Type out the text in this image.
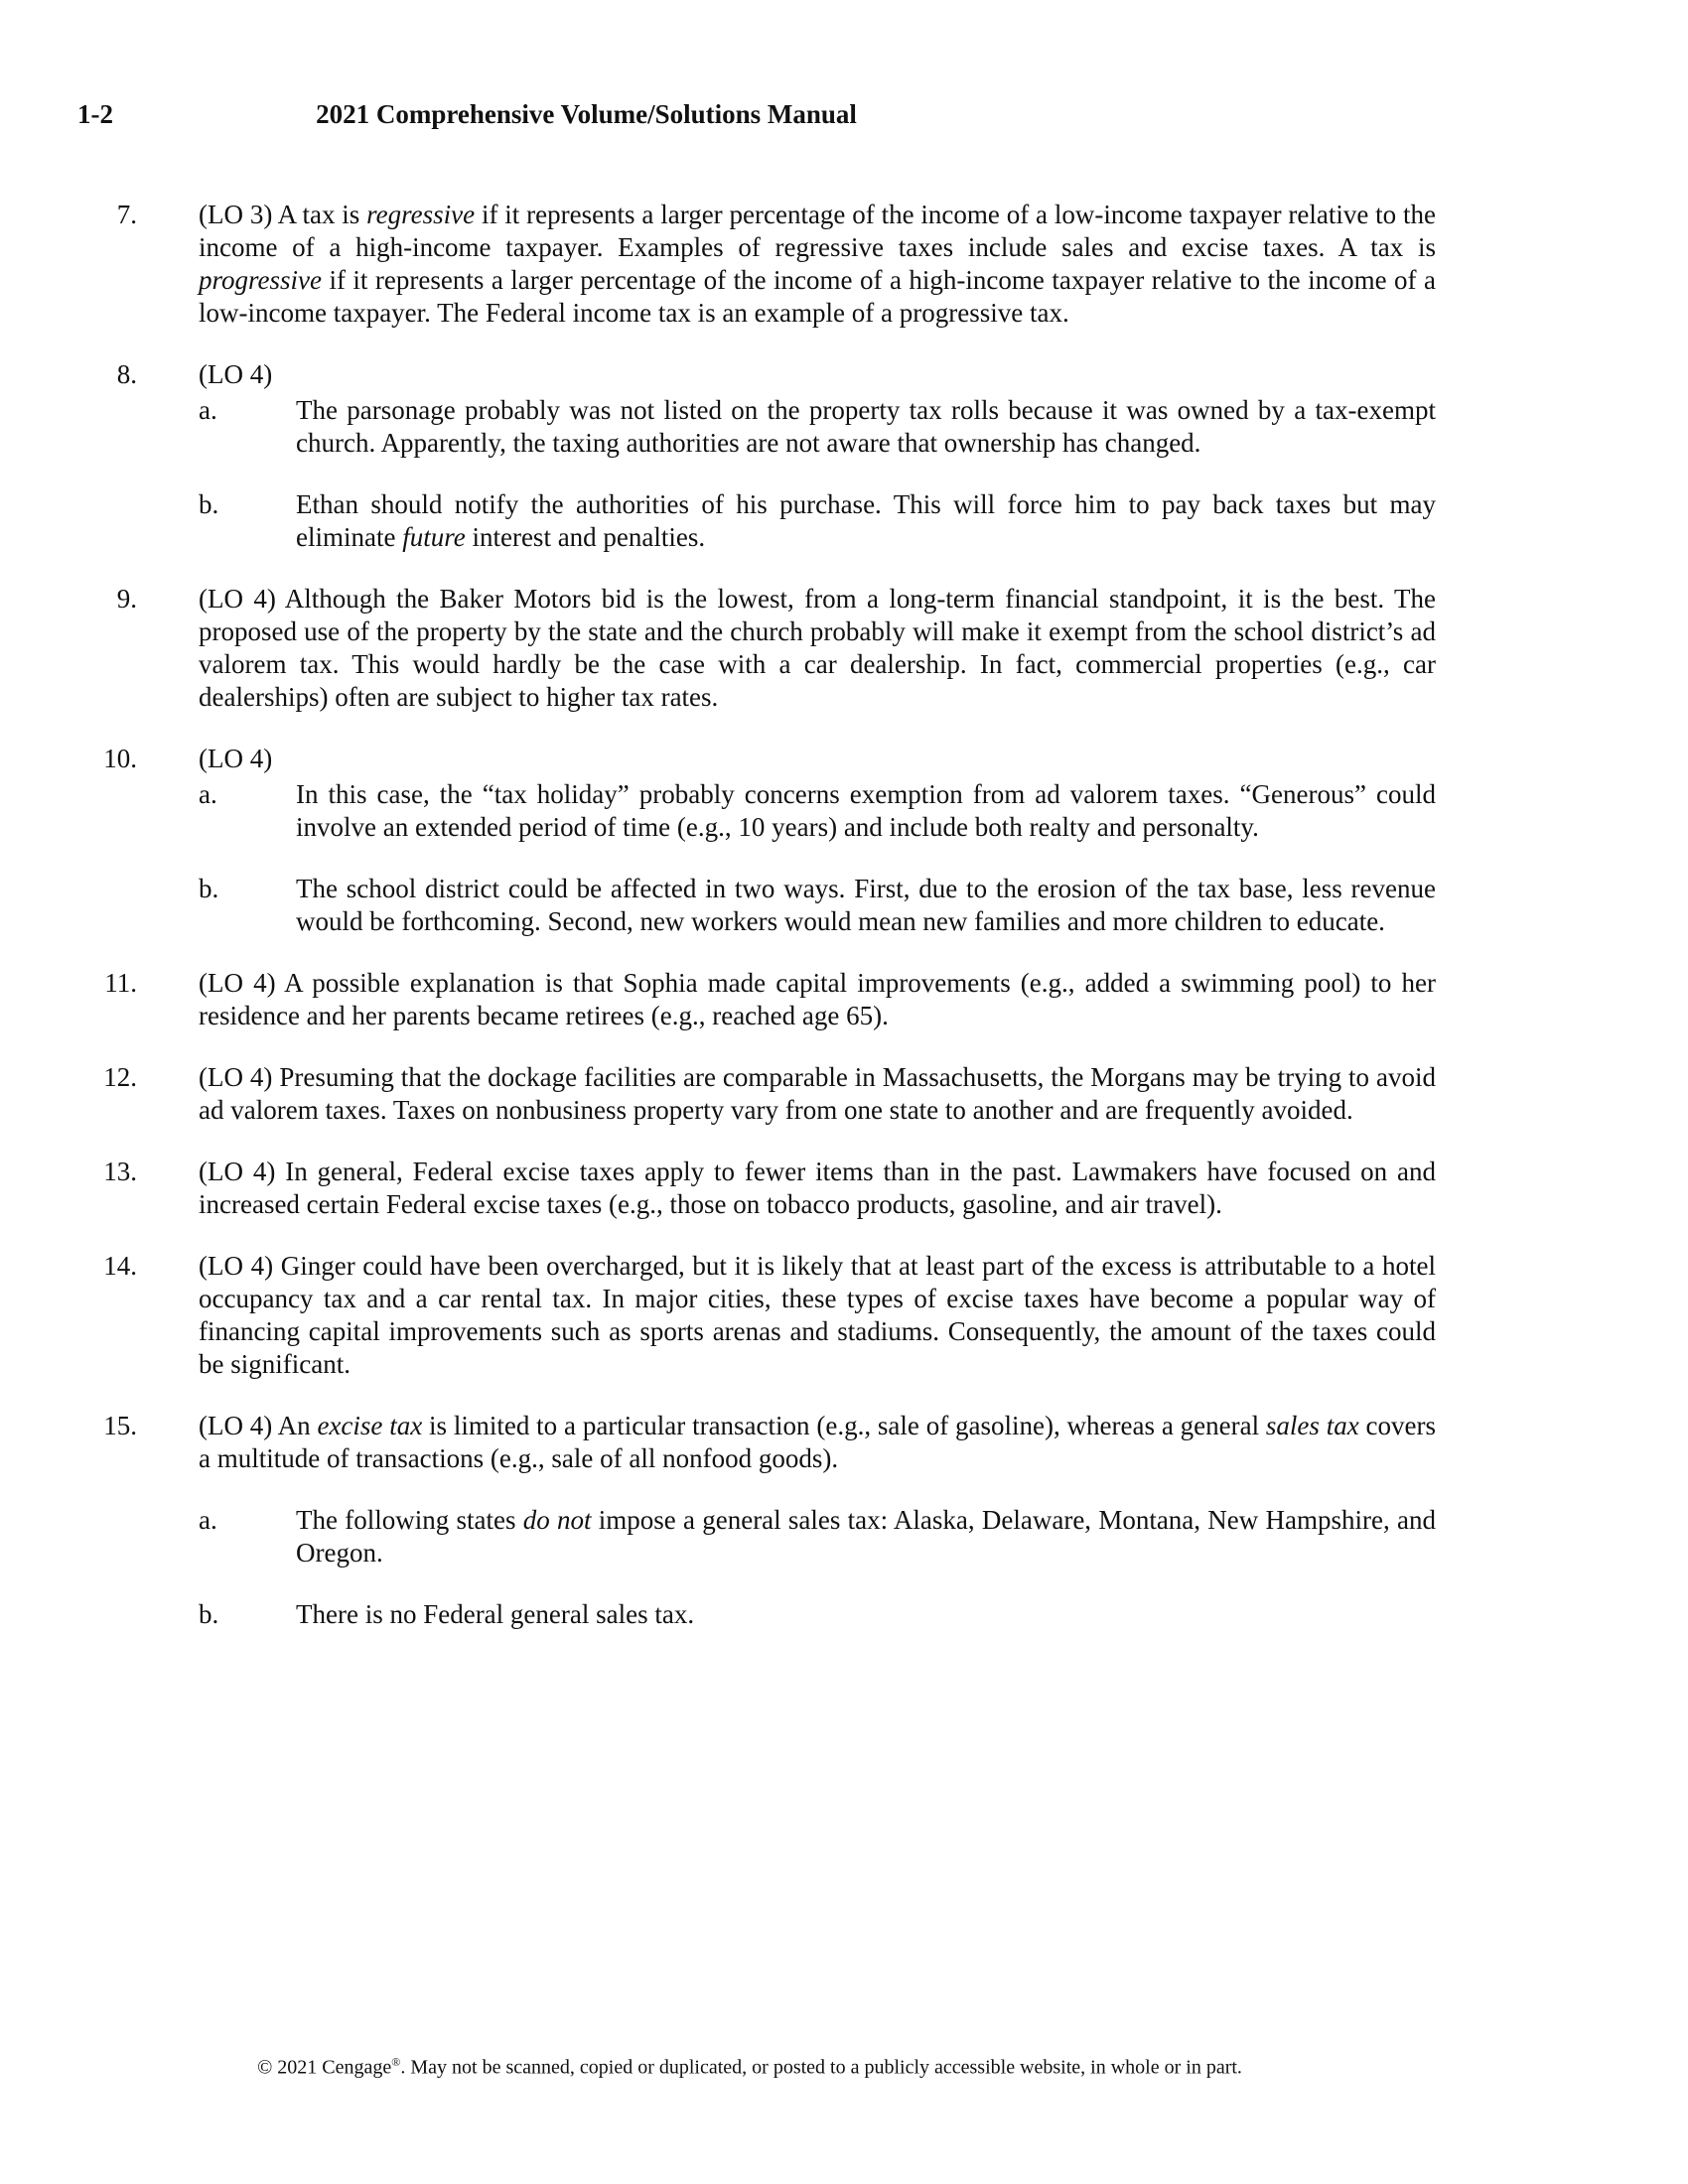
1-2	2021 Comprehensive Volume/Solutions Manual
7. (LO 3) A tax is regressive if it represents a larger percentage of the income of a low-income taxpayer relative to the income of a high-income taxpayer. Examples of regressive taxes include sales and excise taxes. A tax is progressive if it represents a larger percentage of the income of a high-income taxpayer relative to the income of a low-income taxpayer. The Federal income tax is an example of a progressive tax.
8. (LO 4)
a.	The parsonage probably was not listed on the property tax rolls because it was owned by a tax-exempt church. Apparently, the taxing authorities are not aware that ownership has changed.
b.	Ethan should notify the authorities of his purchase. This will force him to pay back taxes but may eliminate future interest and penalties.
9. (LO 4) Although the Baker Motors bid is the lowest, from a long-term financial standpoint, it is the best. The proposed use of the property by the state and the church probably will make it exempt from the school district’s ad valorem tax. This would hardly be the case with a car dealership. In fact, commercial properties (e.g., car dealerships) often are subject to higher tax rates.
10. (LO 4)
a.	In this case, the “tax holiday” probably concerns exemption from ad valorem taxes. “Generous” could involve an extended period of time (e.g., 10 years) and include both realty and personalty.
b.	The school district could be affected in two ways. First, due to the erosion of the tax base, less revenue would be forthcoming. Second, new workers would mean new families and more children to educate.
11. (LO 4) A possible explanation is that Sophia made capital improvements (e.g., added a swimming pool) to her residence and her parents became retirees (e.g., reached age 65).
12. (LO 4) Presuming that the dockage facilities are comparable in Massachusetts, the Morgans may be trying to avoid ad valorem taxes. Taxes on nonbusiness property vary from one state to another and are frequently avoided.
13. (LO 4) In general, Federal excise taxes apply to fewer items than in the past. Lawmakers have focused on and increased certain Federal excise taxes (e.g., those on tobacco products, gasoline, and air travel).
14. (LO 4) Ginger could have been overcharged, but it is likely that at least part of the excess is attributable to a hotel occupancy tax and a car rental tax. In major cities, these types of excise taxes have become a popular way of financing capital improvements such as sports arenas and stadiums. Consequently, the amount of the taxes could be significant.
15. (LO 4) An excise tax is limited to a particular transaction (e.g., sale of gasoline), whereas a general sales tax covers a multitude of transactions (e.g., sale of all nonfood goods).
a.	The following states do not impose a general sales tax: Alaska, Delaware, Montana, New Hampshire, and Oregon.
b.	There is no Federal general sales tax.
© 2021 Cengage®. May not be scanned, copied or duplicated, or posted to a publicly accessible website, in whole or in part.
